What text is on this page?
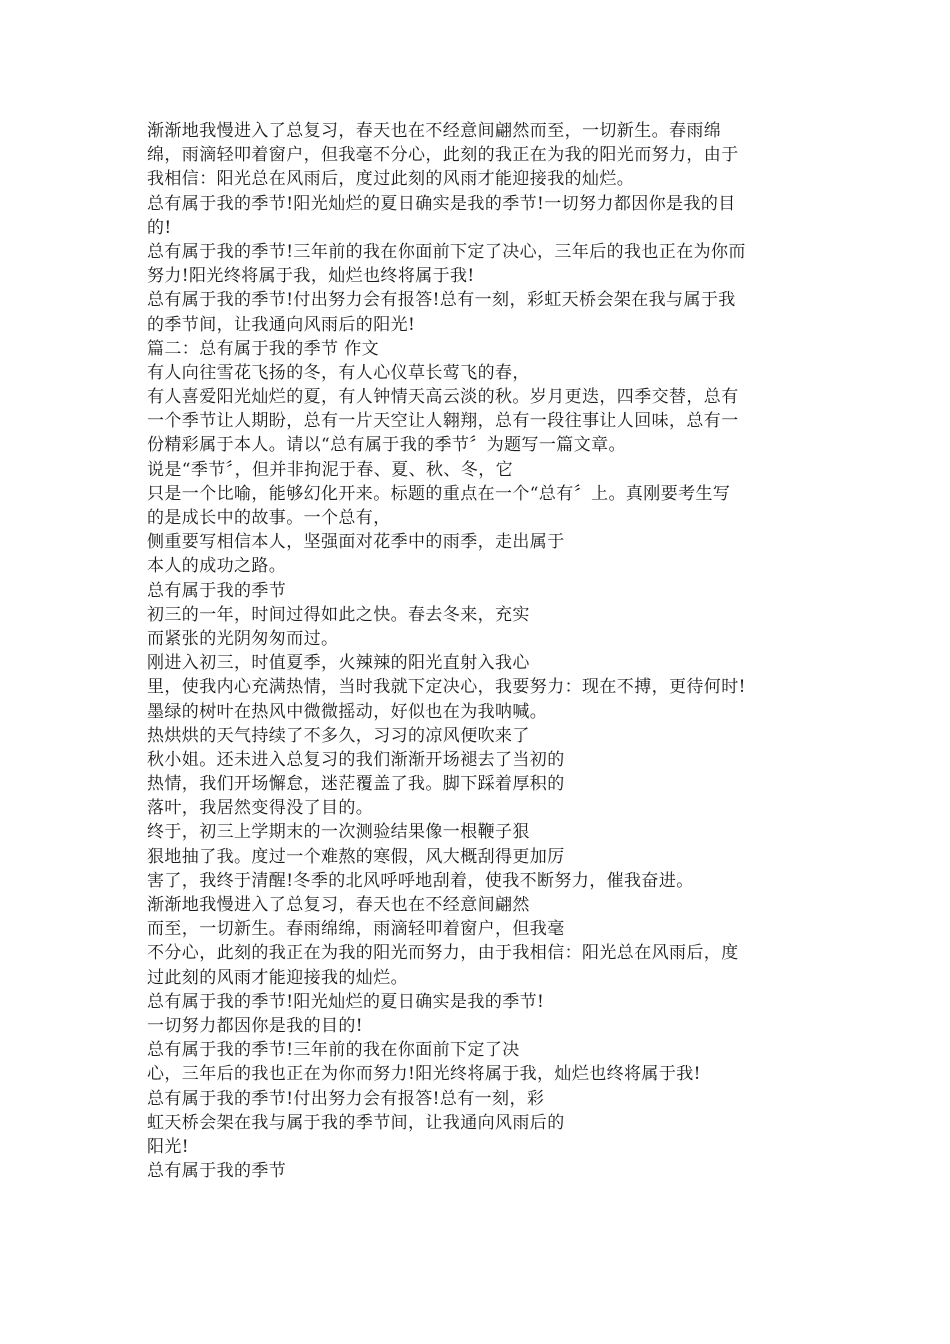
渐渐地我慢进入了总复习，春天也在不经意间翩然而至，一切新生。春雨绵
绵，雨滴轻叩着窗户，但我毫不分心，此刻的我正在为我的阳光而努力，由于
我相信：阳光总在风雨后，度过此刻的风雨才能迎接我的灿烂。
总有属于我的季节!阳光灿烂的夏日确实是我的季节!一切努力都因你是我的目
的!
总有属于我的季节!三年前的我在你面前下定了决心，三年后的我也正在为你而
努力!阳光终将属于我，灿烂也终将属于我!
总有属于我的季节!付出努力会有报答!总有一刻，彩虹天桥会架在我与属于我
的季节间，让我通向风雨后的阳光!
篇二：总有属于我的季节 作文
有人向往雪花飞扬的冬，有人心仪草长莺飞的春，
有人喜爱阳光灿烂的夏，有人钟情天高云淡的秋。岁月更迭，四季交替，总有
一个季节让人期盼，总有一片天空让人翱翔，总有一段往事让人回味，总有一
份精彩属于本人。请以“总有属于我的季节〞为题写一篇文章。
说是“季节〞，但并非拘泥于春、夏、秋、冬，它
只是一个比喻，能够幻化开来。标题的重点在一个“总有〞上。真刚要考生写
的是成长中的故事。一个总有，
侧重要写相信本人，坚强面对花季中的雨季，走出属于
本人的成功之路。
总有属于我的季节
初三的一年，时间过得如此之快。春去冬来，充实
而紧张的光阴匆匆而过。
刚进入初三，时值夏季，火辣辣的阳光直射入我心
里，使我内心充满热情，当时我就下定决心，我要努力：现在不搏，更待何时!
墨绿的树叶在热风中微微摇动，好似也在为我呐喊。
热烘烘的天气持续了不多久，习习的凉风便吹来了
秋小姐。还未进入总复习的我们渐渐开场褪去了当初的
热情，我们开场懈怠，迷茫覆盖了我。脚下踩着厚积的
落叶，我居然变得没了目的。
终于，初三上学期末的一次测验结果像一根鞭子狠
狠地抽了我。度过一个难熬的寒假，风大概刮得更加厉
害了，我终于清醒!冬季的北风呼呼地刮着，使我不断努力，催我奋进。
渐渐地我慢进入了总复习，春天也在不经意间翩然
而至，一切新生。春雨绵绵，雨滴轻叩着窗户，但我毫
不分心，此刻的我正在为我的阳光而努力，由于我相信：阳光总在风雨后，度
过此刻的风雨才能迎接我的灿烂。
总有属于我的季节!阳光灿烂的夏日确实是我的季节!
一切努力都因你是我的目的!
总有属于我的季节!三年前的我在你面前下定了决
心，三年后的我也正在为你而努力!阳光终将属于我，灿烂也终将属于我!
总有属于我的季节!付出努力会有报答!总有一刻，彩
虹天桥会架在我与属于我的季节间，让我通向风雨后的
阳光!
总有属于我的季节
